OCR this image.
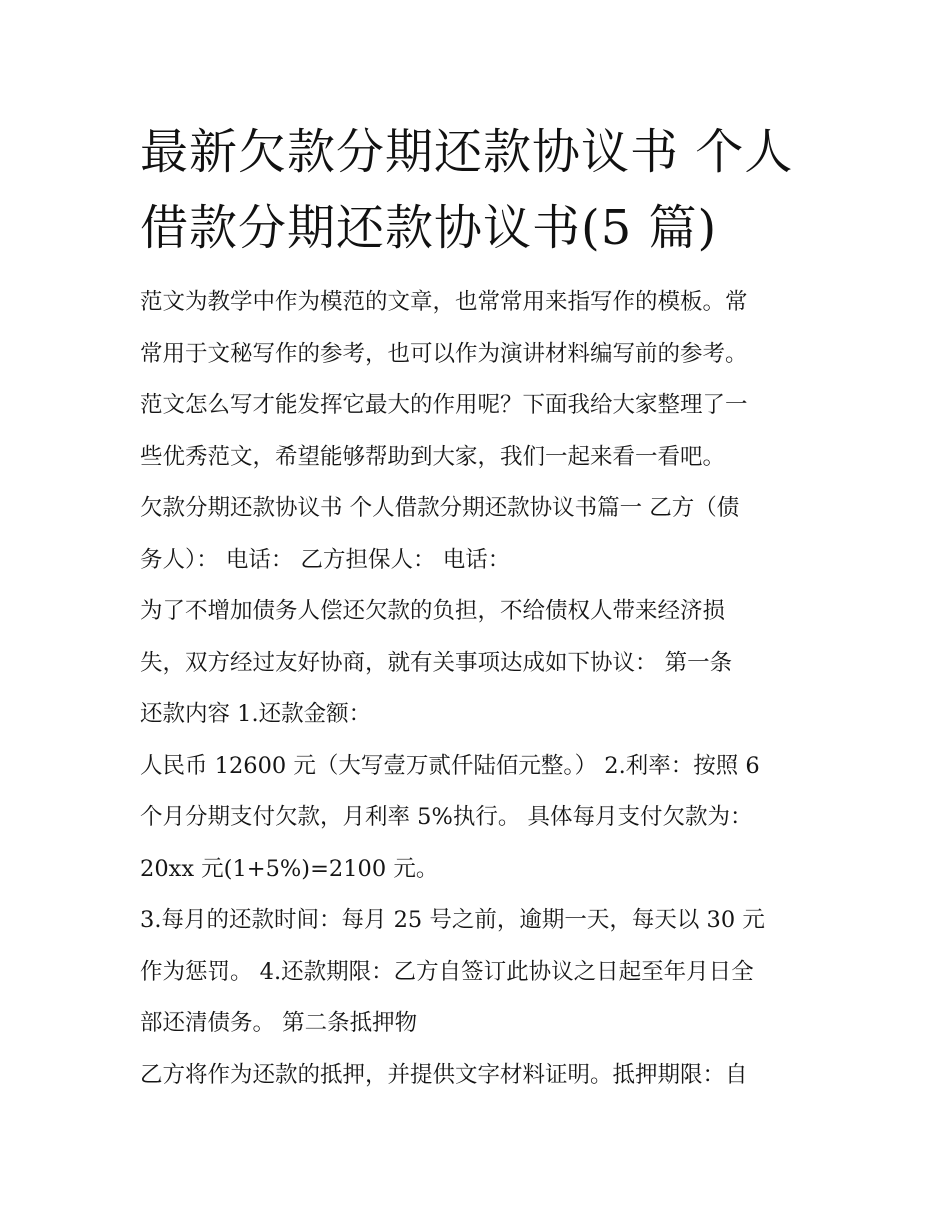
最新欠款分期还款协议书 个人
借款分期还款协议书(5 篇)
范文为教学中作为模范的文章，也常常用来指写作的模板。常
常用于文秘写作的参考，也可以作为演讲材料编写前的参考。
范文怎么写才能发挥它最大的作用呢？下面我给大家整理了一
些优秀范文，希望能够帮助到大家，我们一起来看一看吧。
欠款分期还款协议书 个人借款分期还款协议书篇一 乙方（债
务人）： 电话： 乙方担保人： 电话：
为了不增加债务人偿还欠款的负担，不给债权人带来经济损
失，双方经过友好协商，就有关事项达成如下协议： 第一条
还款内容 1.还款金额：
人民币 12600 元（大写壹万贰仟陆佰元整。） 2.利率：按照 6
个月分期支付欠款，月利率 5%执行。 具体每月支付欠款为：
20xx 元(1+5%)=2100 元。
3.每月的还款时间：每月 25 号之前，逾期一天，每天以 30 元
作为惩罚。 4.还款期限：乙方自签订此协议之日起至年月日全
部还清债务。 第二条抵押物
乙方将作为还款的抵押，并提供文字材料证明。抵押期限：自
